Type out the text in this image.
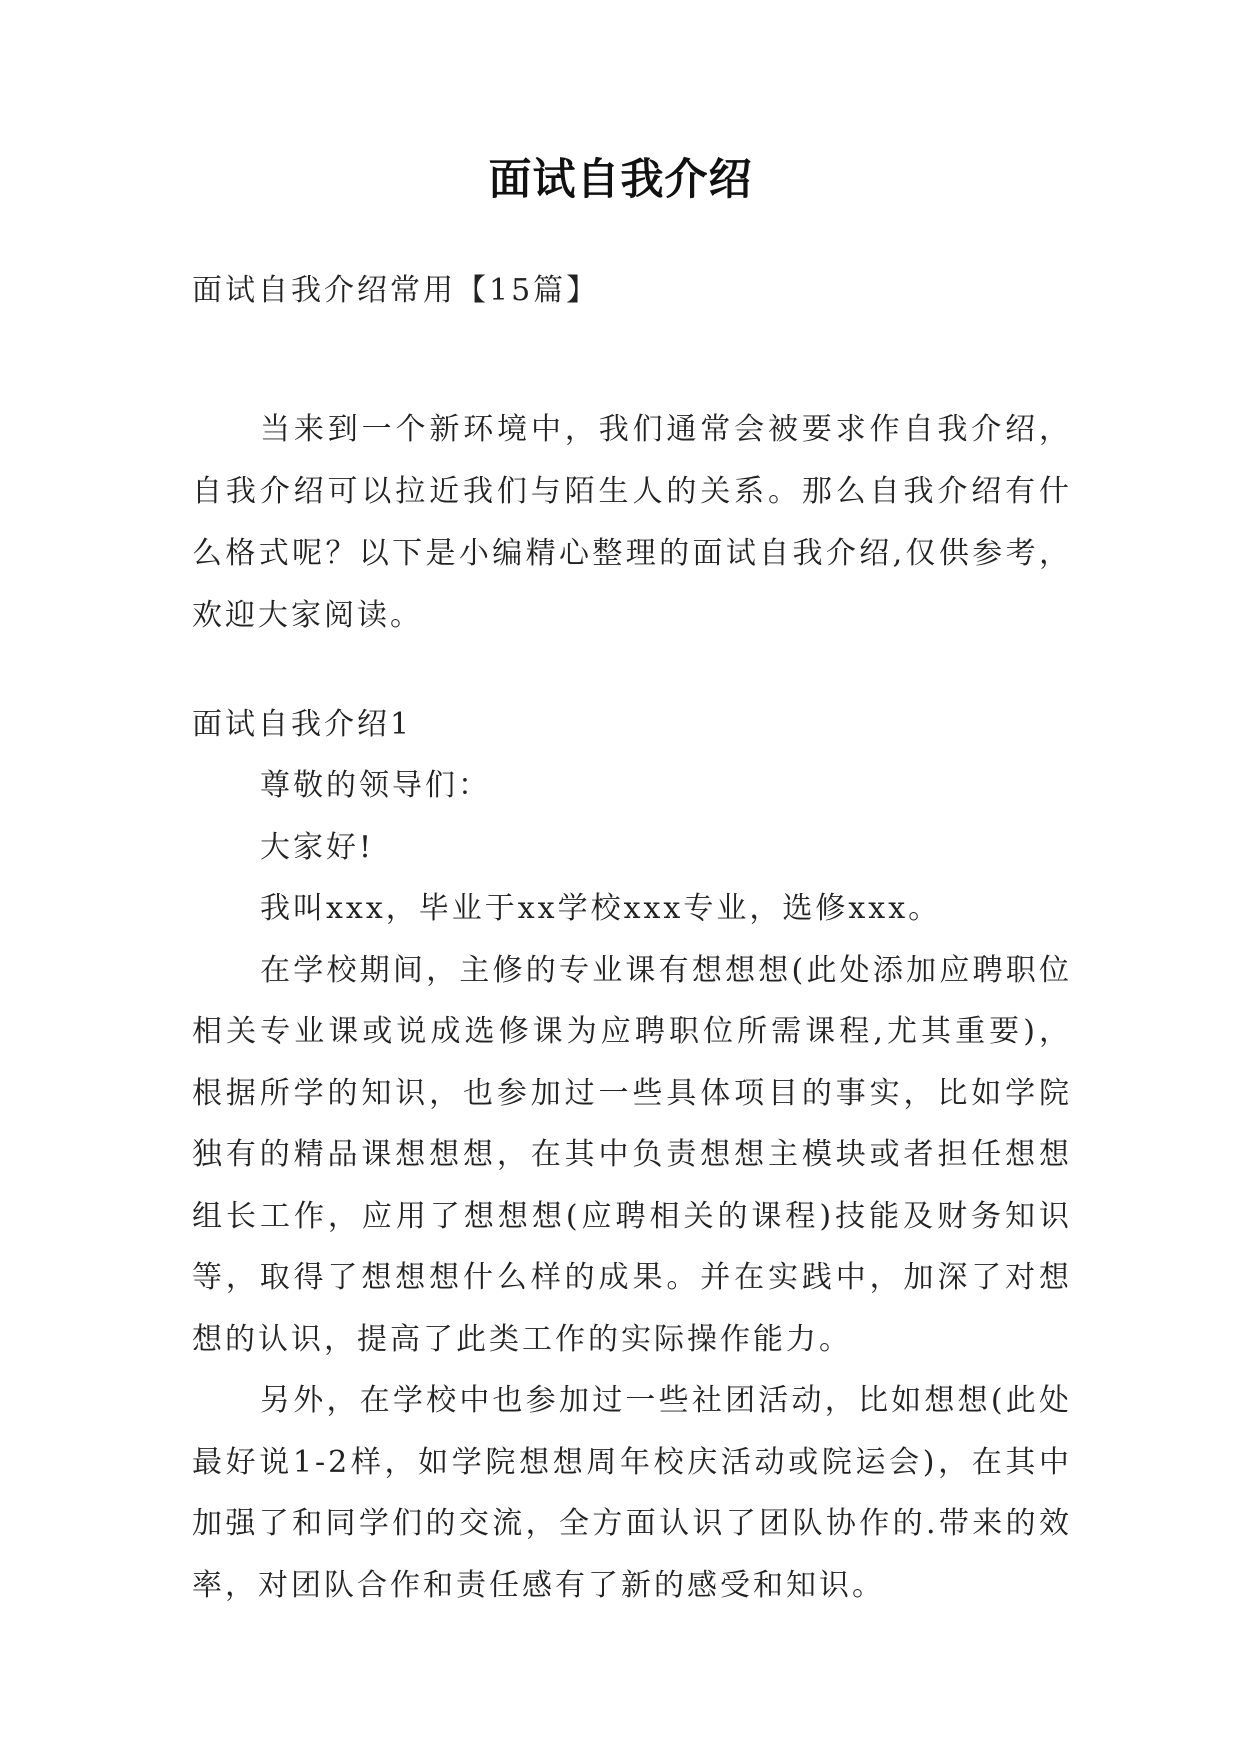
面试自我介绍
面试自我介绍常用【15篇】
当来到一个新环境中，我们通常会被要求作自我介绍，自我介绍可以拉近我们与陌生人的关系。那么自我介绍有什么格式呢？以下是小编精心整理的面试自我介绍,仅供参考，欢迎大家阅读。

面试自我介绍1

尊敬的领导们：

大家好!

我叫xxx，毕业于xx学校xxx专业，选修xxx。

在学校期间，主修的专业课有想想想(此处添加应聘职位相关专业课或说成选修课为应聘职位所需课程,尤其重要)，根据所学的知识，也参加过一些具体项目的事实，比如学院独有的精品课想想想，在其中负责想想主模块或者担任想想组长工作，应用了想想想(应聘相关的课程)技能及财务知识等，取得了想想想什么样的成果。并在实践中，加深了对想想的认识，提高了此类工作的实际操作能力。

另外，在学校中也参加过一些社团活动，比如想想(此处最好说1-2样，如学院想想周年校庆活动或院运会)，在其中加强了和同学们的交流，全方面认识了团队协作的.带来的效率，对团队合作和责任感有了新的感受和知识。
